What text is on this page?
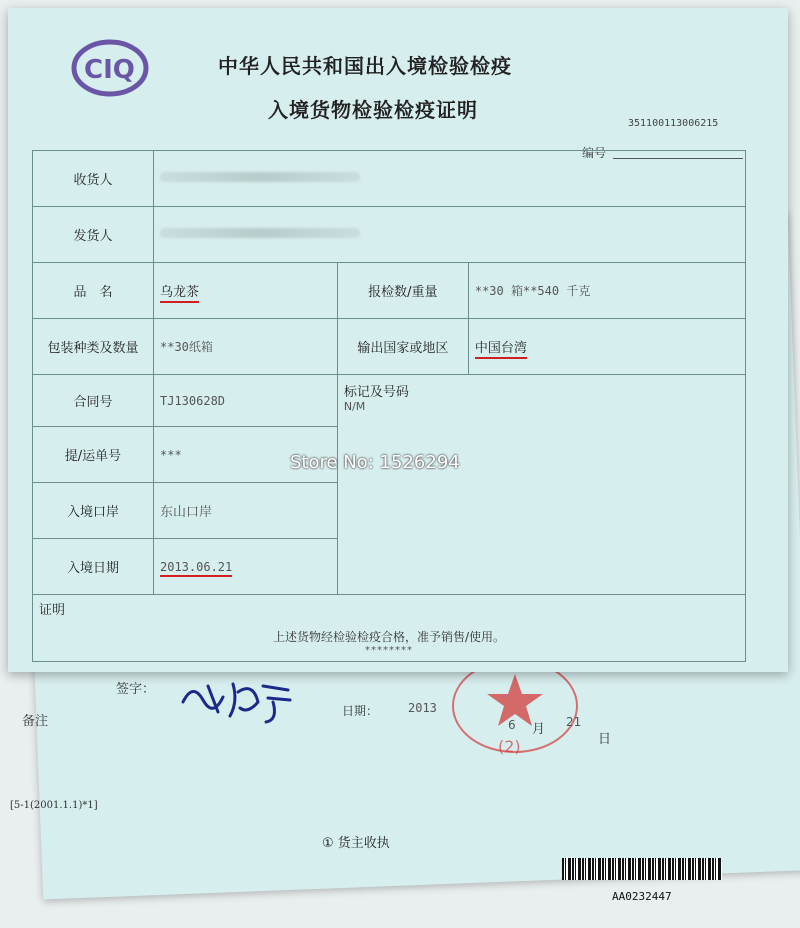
备注
签字：
日期： 2013
(2)
6 月 21
日
[5-1(2001.1.1)*1]
① 货主收执
AA0232447
CIQ	中华人民共和国出入境检验检疫
入境货物检验检疫证明
351100113006215
编号
收货人			
发货人			
品　名	乌龙茶	报检数/重量	**30 箱**540 千克
包装种类及数量	**30纸箱	输出国家或地区	中国台湾
合同号	TJ130628D	标记及号码
N/M	

提/运单号	***		
入境口岸	东山口岸		
入境日期	2013.06.21		

证明
上述货物经检验检疫合格，准予销售/使用。
********			
Store No: 1526294
